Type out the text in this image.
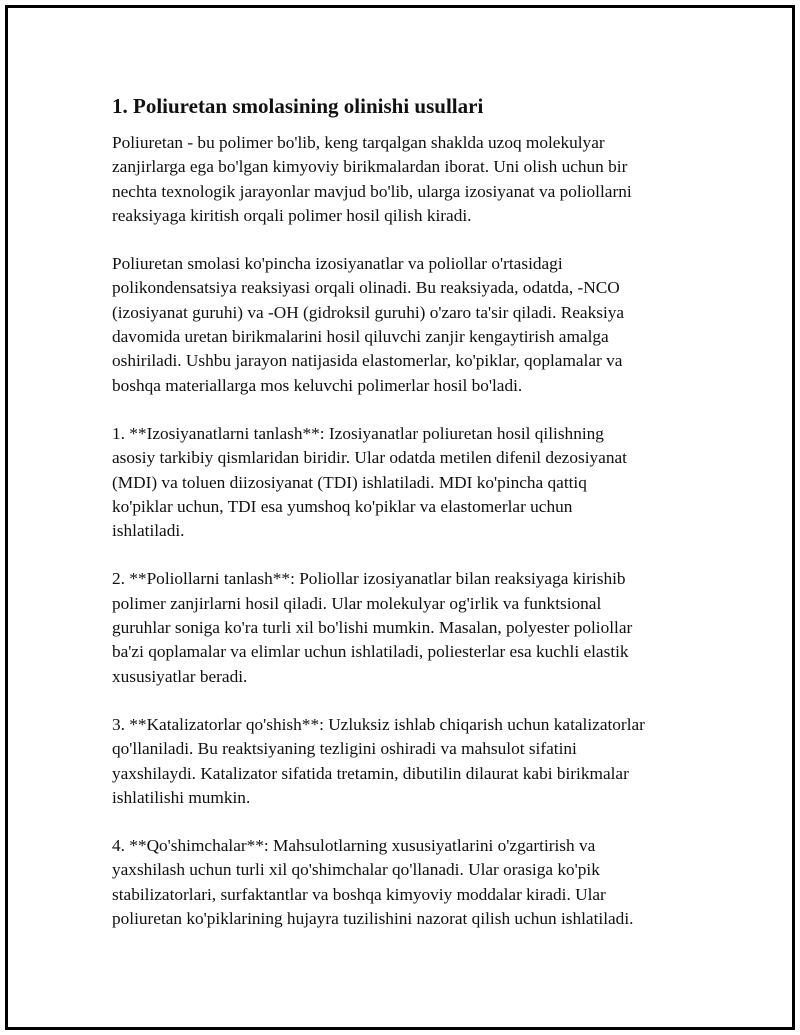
1. Poliuretan smolasining olinishi usullari

Poliuretan - bu polimer bo'lib, keng tarqalgan shaklda uzoq molekulyar
zanjirlarga ega bo'lgan kimyoviy birikmalardan iborat. Uni olish uchun bir
nechta texnologik jarayonlar mavjud bo'lib, ularga izosiyanat va poliollarni
reaksiyaga kiritish orqali polimer hosil qilish kiradi.

Poliuretan smolasi ko'pincha izosiyanatlar va poliollar o'rtasidagi
polikondensatsiya reaksiyasi orqali olinadi. Bu reaksiyada, odatda, -NCO
(izosiyanat guruhi) va -OH (gidroksil guruhi) o'zaro ta'sir qiladi. Reaksiya
davomida uretan birikmalarini hosil qiluvchi zanjir kengaytirish amalga
oshiriladi. Ushbu jarayon natijasida elastomerlar, ko'piklar, qoplamalar va
boshqa materiallarga mos keluvchi polimerlar hosil bo'ladi.

1. **Izosiyanatlarni tanlash**: Izosiyanatlar poliuretan hosil qilishning
asosiy tarkibiy qismlaridan biridir. Ular odatda metilen difenil dezosiyanat
(MDI) va toluen diizosiyanat (TDI) ishlatiladi. MDI ko'pincha qattiq
ko'piklar uchun, TDI esa yumshoq ko'piklar va elastomerlar uchun
ishlatiladi.

2. **Poliollarni tanlash**: Poliollar izosiyanatlar bilan reaksiyaga kirishib
polimer zanjirlarni hosil qiladi. Ular molekulyar og'irlik va funktsional
guruhlar soniga ko'ra turli xil bo'lishi mumkin. Masalan, polyester poliollar
ba'zi qoplamalar va elimlar uchun ishlatiladi, poliesterlar esa kuchli elastik
xususiyatlar beradi.

3. **Katalizatorlar qo'shish**: Uzluksiz ishlab chiqarish uchun katalizatorlar
qo'llaniladi. Bu reaktsiyaning tezligini oshiradi va mahsulot sifatini
yaxshilaydi. Katalizator sifatida tretamin, dibutilin dilaurat kabi birikmalar
ishlatilishi mumkin.

4. **Qo'shimchalar**: Mahsulotlarning xususiyatlarini o'zgartirish va
yaxshilash uchun turli xil qo'shimchalar qo'llanadi. Ular orasiga ko'pik
stabilizatorlari, surfaktantlar va boshqa kimyoviy moddalar kiradi. Ular
poliuretan ko'piklarining hujayra tuzilishini nazorat qilish uchun ishlatiladi.
